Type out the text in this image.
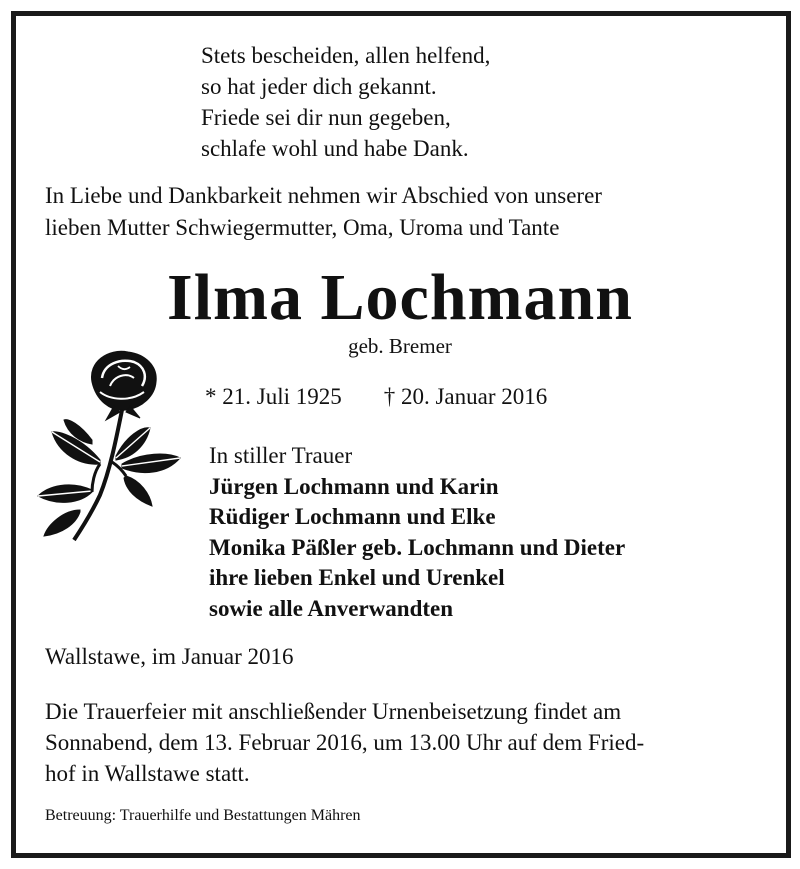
Stets bescheiden, allen helfend,
so hat jeder dich gekannt.
Friede sei dir nun gegeben,
schlafe wohl und habe Dank.
In Liebe und Dankbarkeit nehmen wir Abschied von unserer
lieben Mutter Schwiegermutter, Oma, Uroma und Tante
Ilma Lochmann
geb. Bremer
* 21. Juli 1925 † 20. Januar 2016
In stiller Trauer
Jürgen Lochmann und Karin
Rüdiger Lochmann und Elke
Monika Päßler geb. Lochmann und Dieter
ihre lieben Enkel und Urenkel
sowie alle Anverwandten
Wallstawe, im Januar 2016
Die Trauerfeier mit anschließender Urnenbeisetzung findet am
Sonnabend, dem 13. Februar 2016, um 13.00 Uhr auf dem Fried-
hof in Wallstawe statt.
Betreuung: Trauerhilfe und Bestattungen Mähren
